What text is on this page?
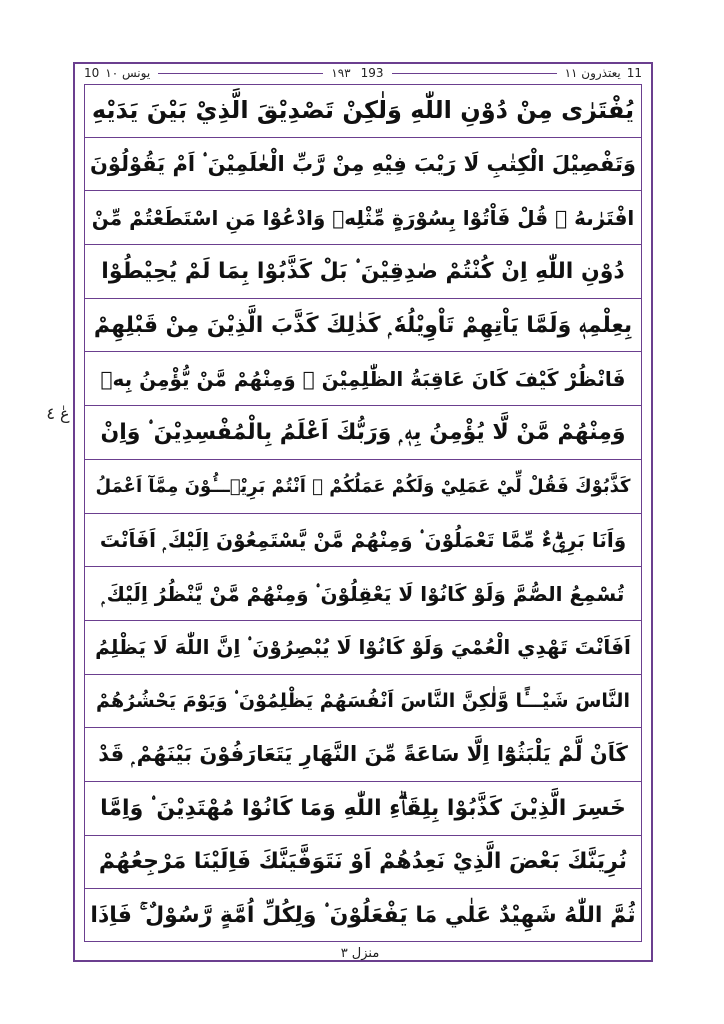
10 يونس ١٠	١٩٣ 193	يعتذرون ١١ 11
يُفْتَرٰى مِنْ دُوْنِ اللّٰهِ وَلٰكِنْ تَصْدِيْقَ الَّذِيْ بَيْنَ يَدَيْهِ
وَتَفْصِيْلَ الْكِتٰبِ لَا رَيْبَ فِيْهِ مِنْ رَّبِّ الْعٰلَمِيْنَ ۟ اَمْ يَقُوْلُوْنَ
افْتَرٰىهُ ۭ قُلْ فَاْتُوْا بِسُوْرَةٍ مِّثْلِهٖ وَادْعُوْا مَنِ اسْتَطَعْتُمْ مِّنْ
دُوْنِ اللّٰهِ اِنْ كُنْتُمْ صٰدِقِيْنَ ۟ بَلْ كَذَّبُوْا بِمَا لَمْ يُحِيْطُوْا
بِعِلْمِهٖ وَلَمَّا يَاْتِهِمْ تَاْوِيْلُهٗ ۭ كَذٰلِكَ كَذَّبَ الَّذِيْنَ مِنْ قَبْلِهِمْ
فَانْظُرْ كَيْفَ كَانَ عَاقِبَةُ الظّٰلِمِيْنَ ۟ وَمِنْهُمْ مَّنْ يُّؤْمِنُ بِهٖ
وَمِنْهُمْ مَّنْ لَّا يُؤْمِنُ بِهٖ ۭ وَرَبُّكَ اَعْلَمُ بِالْمُفْسِدِيْنَ ۟ وَاِنْ
كَذَّبُوْكَ فَقُلْ لِّيْ عَمَلِيْ وَلَكُمْ عَمَلُكُمْ ۚ اَنْتُمْ بَرِيْۗـــُٔوْنَ مِمَّآ اَعْمَلُ
وَاَنَا بَرِيْۗءٌ مِّمَّا تَعْمَلُوْنَ ۟ وَمِنْهُمْ مَّنْ يَّسْتَمِعُوْنَ اِلَيْكَ ۭ اَفَاَنْتَ
تُسْمِعُ الصُّمَّ وَلَوْ كَانُوْا لَا يَعْقِلُوْنَ ۟ وَمِنْهُمْ مَّنْ يَّنْظُرُ اِلَيْكَ ۭ
اَفَاَنْتَ تَهْدِي الْعُمْيَ وَلَوْ كَانُوْا لَا يُبْصِرُوْنَ ۟ اِنَّ اللّٰهَ لَا يَظْلِمُ
النَّاسَ شَيْـــًٔا وَّلٰكِنَّ النَّاسَ اَنْفُسَھُمْ يَظْلِمُوْنَ ۟ وَيَوْمَ يَحْشُرُھُمْ
كَاَنْ لَّمْ يَلْبَثُوْٓا اِلَّا سَاعَةً مِّنَ النَّهَارِ يَتَعَارَفُوْنَ بَيْنَهُمْ ۭ قَدْ
خَسِرَ الَّذِيْنَ كَذَّبُوْا بِلِقَاۗءِ اللّٰهِ وَمَا كَانُوْا مُهْتَدِيْنَ ۟ وَاِمَّا
نُرِيَنَّكَ بَعْضَ الَّذِيْ نَعِدُھُمْ اَوْ نَتَوَفَّيَنَّكَ فَاِلَيْنَا مَرْجِعُھُمْ
ثُمَّ اللّٰهُ شَهِيْدٌ عَلٰي مَا يَفْعَلُوْنَ ۟ وَلِكُلِّ اُمَّةٍ رَّسُوْلٌ ۚ فَاِذَا
عٰ ٤
منزل ٣
